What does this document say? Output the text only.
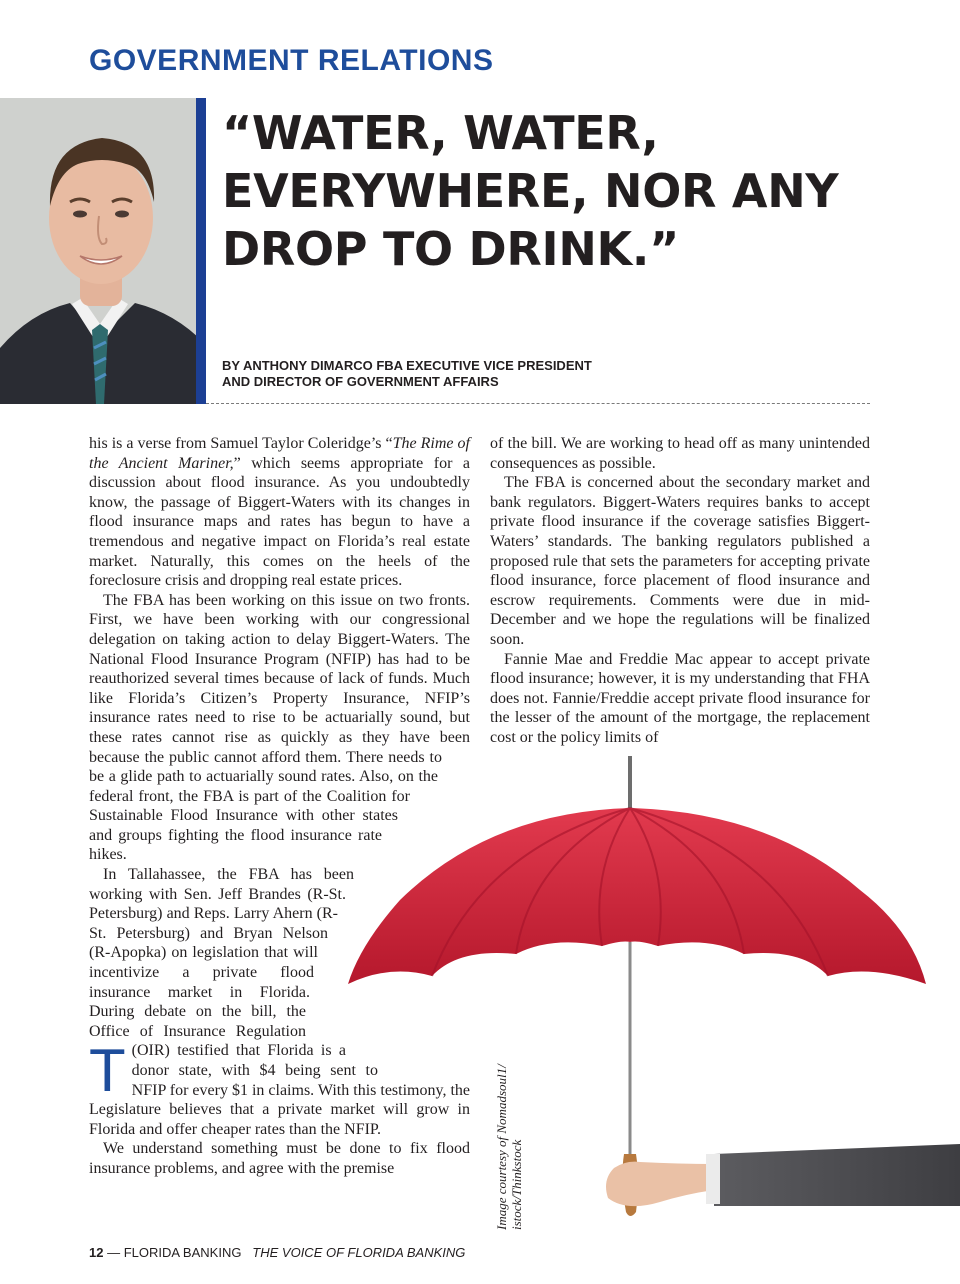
GOVERNMENT RELATIONS
“WATER, WATER, EVERYWHERE, NOR ANY DROP TO DRINK.”

BY ANTHONY DIMARCO FBA EXECUTIVE VICE PRESIDENT
AND DIRECTOR OF GOVERNMENT AFFAIRS

T
his is a verse from Samuel Taylor Coleridge’s “The Rime of the Ancient Mariner,” which seems appropriate for a discussion about flood insurance. As you undoubtedly know, the passage of Biggert-Waters with its changes in flood insurance maps and rates has begun to have a tremendous and negative impact on Florida’s real estate market. Naturally, this comes on the heels of the foreclosure crisis and dropping real estate prices.

The FBA has been working on this issue on two fronts. First, we have been working with our congressional delegation on taking action to delay Biggert-Waters. The National Flood Insurance Program (NFIP) has had to be reauthorized several times because of lack of funds. Much like Florida’s Citizen’s Property Insurance, NFIP’s insurance rates need to rise to be actuarially sound, but these rates cannot rise as quickly as they have been because the public cannot afford them. There needs to be a glide path to actuarially sound rates. Also, on the federal front, the FBA is part of the Coalition for Sustainable Flood Insurance with other states and groups fighting the flood insurance rate hikes.

In Tallahassee, the FBA has been working with Sen. Jeff Brandes (R-St. Petersburg) and Reps. Larry Ahern (R-St. Petersburg) and Bryan Nelson (R-Apopka) on legislation that will incentivize a private flood insurance market in Florida. During debate on the bill, the Office of Insurance Regulation (OIR) testified that Florida is a donor state, with $4 being sent to NFIP for every $1 in claims. With this testimony, the Legislature believes that a private market will grow in Florida and offer cheaper rates than the NFIP.

We understand something must be done to fix flood insurance problems, and agree with the premise

of the bill. We are working to head off as many unintended consequences as possible.

The FBA is concerned about the secondary market and bank regulators. Biggert-Waters requires banks to accept private flood insurance if the coverage satisfies Biggert-Waters’ standards. The banking regulators published a proposed rule that sets the parameters for accepting private flood insurance, force placement of flood insurance and escrow requirements. Comments were due in mid-December and we hope the regulations will be finalized soon.

Fannie Mae and Freddie Mac appear to accept private flood insurance; however, it is my understanding that FHA does not. Fannie/Freddie accept private flood insurance for the lesser of the amount of the mortgage, the replacement cost or the policy limits of

Image courtesy of Nomadsoul1/ istock/Thinkstock

12 — FLORIDA BANKING THE VOICE OF FLORIDA BANKING
